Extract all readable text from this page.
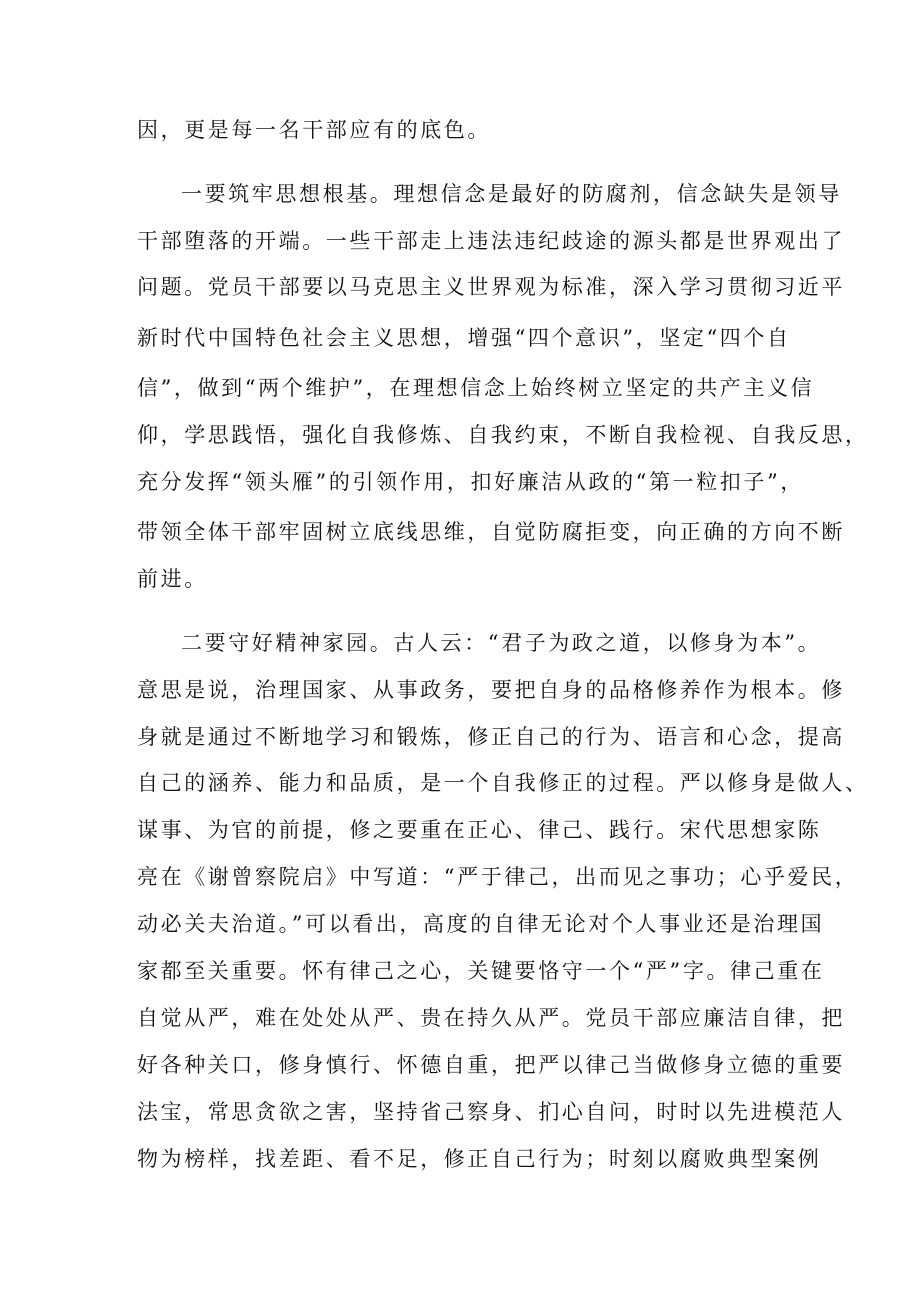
因，更是每一名干部应有的底色。
一要筑牢思想根基。理想信念是最好的防腐剂，信念缺失是领导
干部堕落的开端。一些干部走上违法违纪歧途的源头都是世界观出了
问题。党员干部要以马克思主义世界观为标准，深入学习贯彻习近平
新时代中国特色社会主义思想，增强“四个意识”，坚定“四个自
信”，做到“两个维护”，在理想信念上始终树立坚定的共产主义信
仰，学思践悟，强化自我修炼、自我约束，不断自我检视、自我反思，
充分发挥“领头雁”的引领作用，扣好廉洁从政的“第一粒扣子”，
带领全体干部牢固树立底线思维，自觉防腐拒变，向正确的方向不断
前进。
二要守好精神家园。古人云：“君子为政之道，以修身为本”。
意思是说，治理国家、从事政务，要把自身的品格修养作为根本。修
身就是通过不断地学习和锻炼，修正自己的行为、语言和心念，提高
自己的涵养、能力和品质，是一个自我修正的过程。严以修身是做人、
谋事、为官的前提，修之要重在正心、律己、践行。宋代思想家陈
亮在《谢曾察院启》中写道：“严于律己，出而见之事功；心乎爱民，
动必关夫治道。”可以看出，高度的自律无论对个人事业还是治理国
家都至关重要。怀有律己之心，关键要恪守一个“严”字。律己重在
自觉从严，难在处处从严、贵在持久从严。党员干部应廉洁自律，把
好各种关口，修身慎行、怀德自重，把严以律己当做修身立德的重要
法宝，常思贪欲之害，坚持省己察身、扪心自问，时时以先进模范人
物为榜样，找差距、看不足，修正自己行为；时刻以腐败典型案例
